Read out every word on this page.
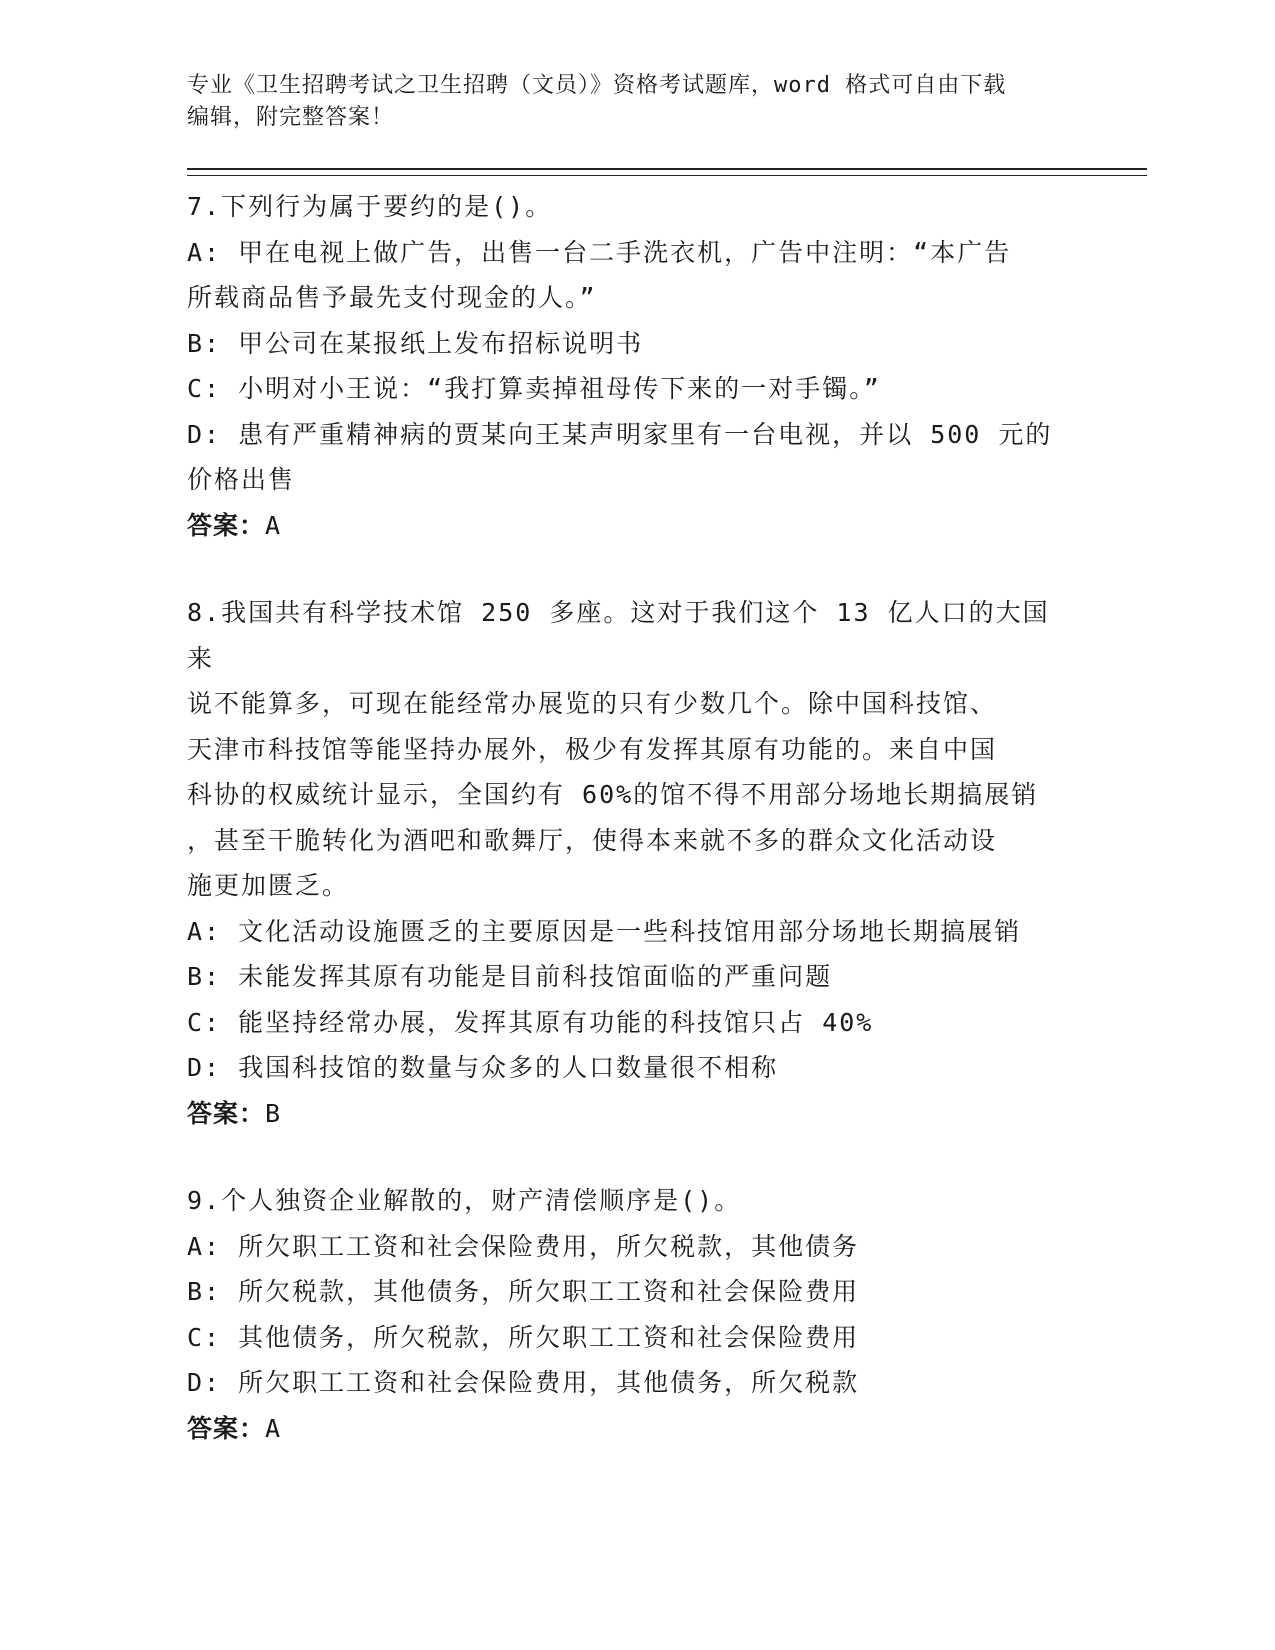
专业《卫生招聘考试之卫生招聘（文员）》资格考试题库，word 格式可自由下载
编辑，附完整答案！
7.下列行为属于要约的是()。
A: 甲在电视上做广告，出售一台二手洗衣机，广告中注明：“本广告
所载商品售予最先支付现金的人。”
B: 甲公司在某报纸上发布招标说明书
C: 小明对小王说：“我打算卖掉祖母传下来的一对手镯。”
D: 患有严重精神病的贾某向王某声明家里有一台电视，并以 500 元的
价格出售
答案：A
8.我国共有科学技术馆 250 多座。这对于我们这个 13 亿人口的大国来
说不能算多，可现在能经常办展览的只有少数几个。除中国科技馆、
天津市科技馆等能坚持办展外，极少有发挥其原有功能的。来自中国
科协的权威统计显示，全国约有 60%的馆不得不用部分场地长期搞展销
，甚至干脆转化为酒吧和歌舞厅，使得本来就不多的群众文化活动设
施更加匮乏。
A: 文化活动设施匮乏的主要原因是一些科技馆用部分场地长期搞展销
B: 未能发挥其原有功能是目前科技馆面临的严重问题
C: 能坚持经常办展，发挥其原有功能的科技馆只占 40%
D: 我国科技馆的数量与众多的人口数量很不相称
答案：B
9.个人独资企业解散的，财产清偿顺序是()。
A: 所欠职工工资和社会保险费用，所欠税款，其他债务
B: 所欠税款，其他债务，所欠职工工资和社会保险费用
C: 其他债务，所欠税款，所欠职工工资和社会保险费用
D: 所欠职工工资和社会保险费用，其他债务，所欠税款
答案：A
